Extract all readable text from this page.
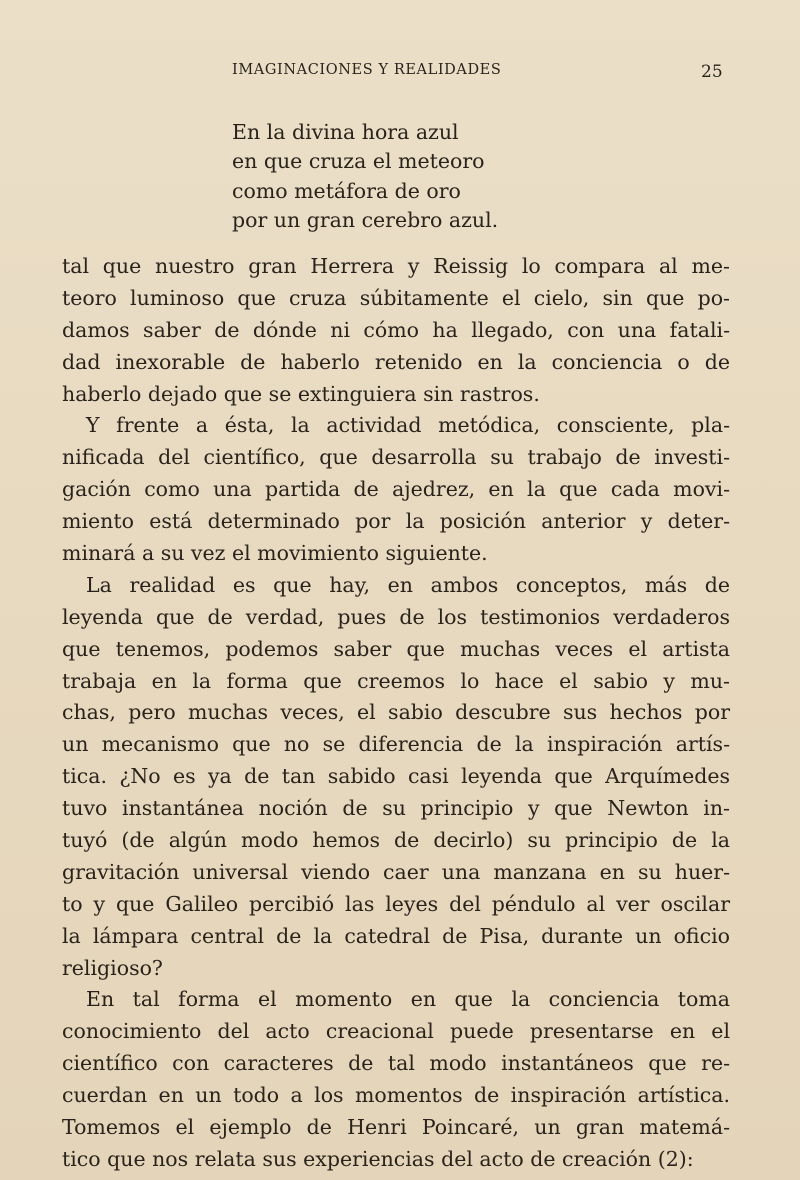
IMAGINACIONES Y REALIDADES	25
En la divina hora azul
en que cruza el meteoro
como metáfora de oro
por un gran cerebro azul.
tal que nuestro gran Herrera y Reissig lo compara al me-
teoro luminoso que cruza súbitamente el cielo, sin que po-
damos saber de dónde ni cómo ha llegado, con una fatali-
dad inexorable de haberlo retenido en la conciencia o de
haberlo dejado que se extinguiera sin rastros.
Y frente a ésta, la actividad metódica, consciente, pla-
nificada del científico, que desarrolla su trabajo de investi-
gación como una partida de ajedrez, en la que cada movi-
miento está determinado por la posición anterior y deter-
minará a su vez el movimiento siguiente.
La realidad es que hay, en ambos conceptos, más de
leyenda que de verdad, pues de los testimonios verdaderos
que tenemos, podemos saber que muchas veces el artista
trabaja en la forma que creemos lo hace el sabio y mu-
chas, pero muchas veces, el sabio descubre sus hechos por
un mecanismo que no se diferencia de la inspiración artís-
tica. ¿No es ya de tan sabido casi leyenda que Arquímedes
tuvo instantánea noción de su principio y que Newton in-
tuyó (de algún modo hemos de decirlo) su principio de la
gravitación universal viendo caer una manzana en su huer-
to y que Galileo percibió las leyes del péndulo al ver oscilar
la lámpara central de la catedral de Pisa, durante un oficio
religioso?
En tal forma el momento en que la conciencia toma
conocimiento del acto creacional puede presentarse en el
científico con caracteres de tal modo instantáneos que re-
cuerdan en un todo a los momentos de inspiración artística.
Tomemos el ejemplo de Henri Poincaré, un gran matemá-
tico que nos relata sus experiencias del acto de creación (2):
